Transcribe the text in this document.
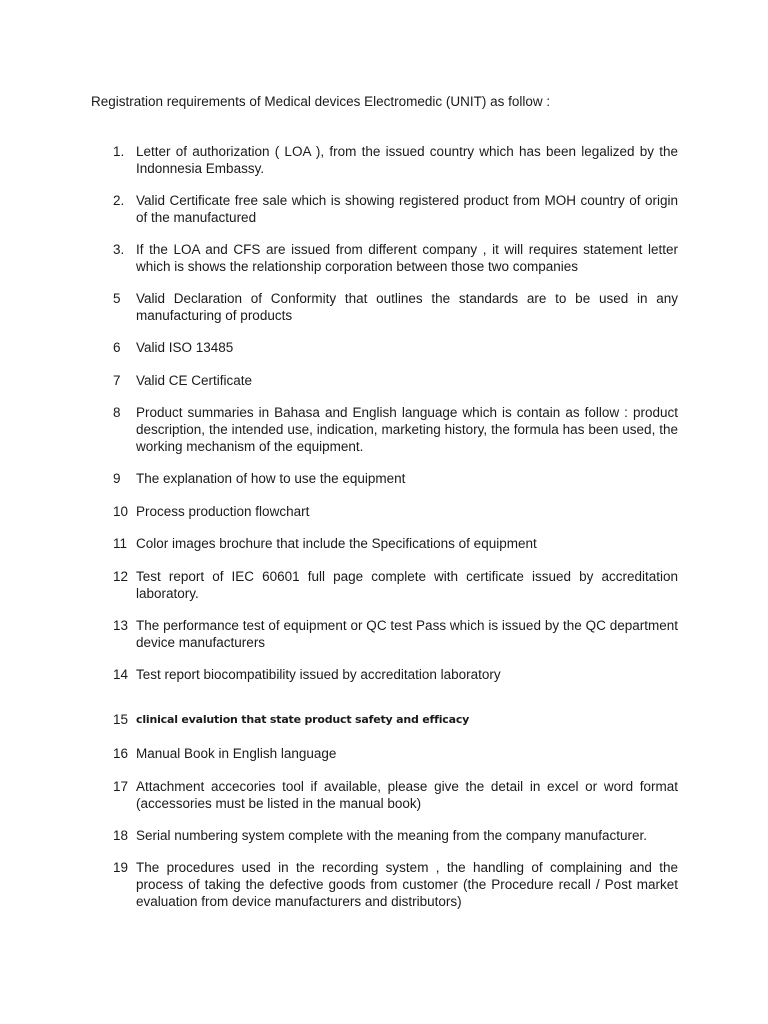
Registration requirements of Medical devices Electromedic (UNIT) as follow :
1. Letter of authorization ( LOA ), from the issued country which has been legalized by the Indonnesia Embassy.
2. Valid Certificate free sale which is showing registered product from MOH country of origin of the manufactured
3. If the LOA and CFS are issued from different company , it will requires statement letter which is shows the relationship corporation between those two companies
5 Valid Declaration of Conformity that outlines the standards are to be used in any manufacturing of products
6 Valid ISO 13485
7 Valid CE Certificate
8 Product summaries in Bahasa and English language which is contain as follow : product description, the intended use, indication, marketing history, the formula has been used, the working mechanism of the equipment.
9 The explanation of how to use the equipment
10 Process production flowchart
11 Color images brochure that include the Specifications of equipment
12 Test report of IEC 60601 full page complete with certificate issued by accreditation laboratory.
13 The performance test of equipment or QC test Pass which is issued by the QC department device manufacturers
14 Test report biocompatibility issued by accreditation laboratory
15 clinical evalution that state product safety and efficacy
16 Manual Book in English language
17 Attachment accecories tool if available, please give the detail in excel or word format (accessories must be listed in the manual book)
18 Serial numbering system complete with the meaning from the company manufacturer.
19 The procedures used in the recording system , the handling of complaining and the process of taking the defective goods from customer (the Procedure recall / Post market evaluation from device manufacturers and distributors)
